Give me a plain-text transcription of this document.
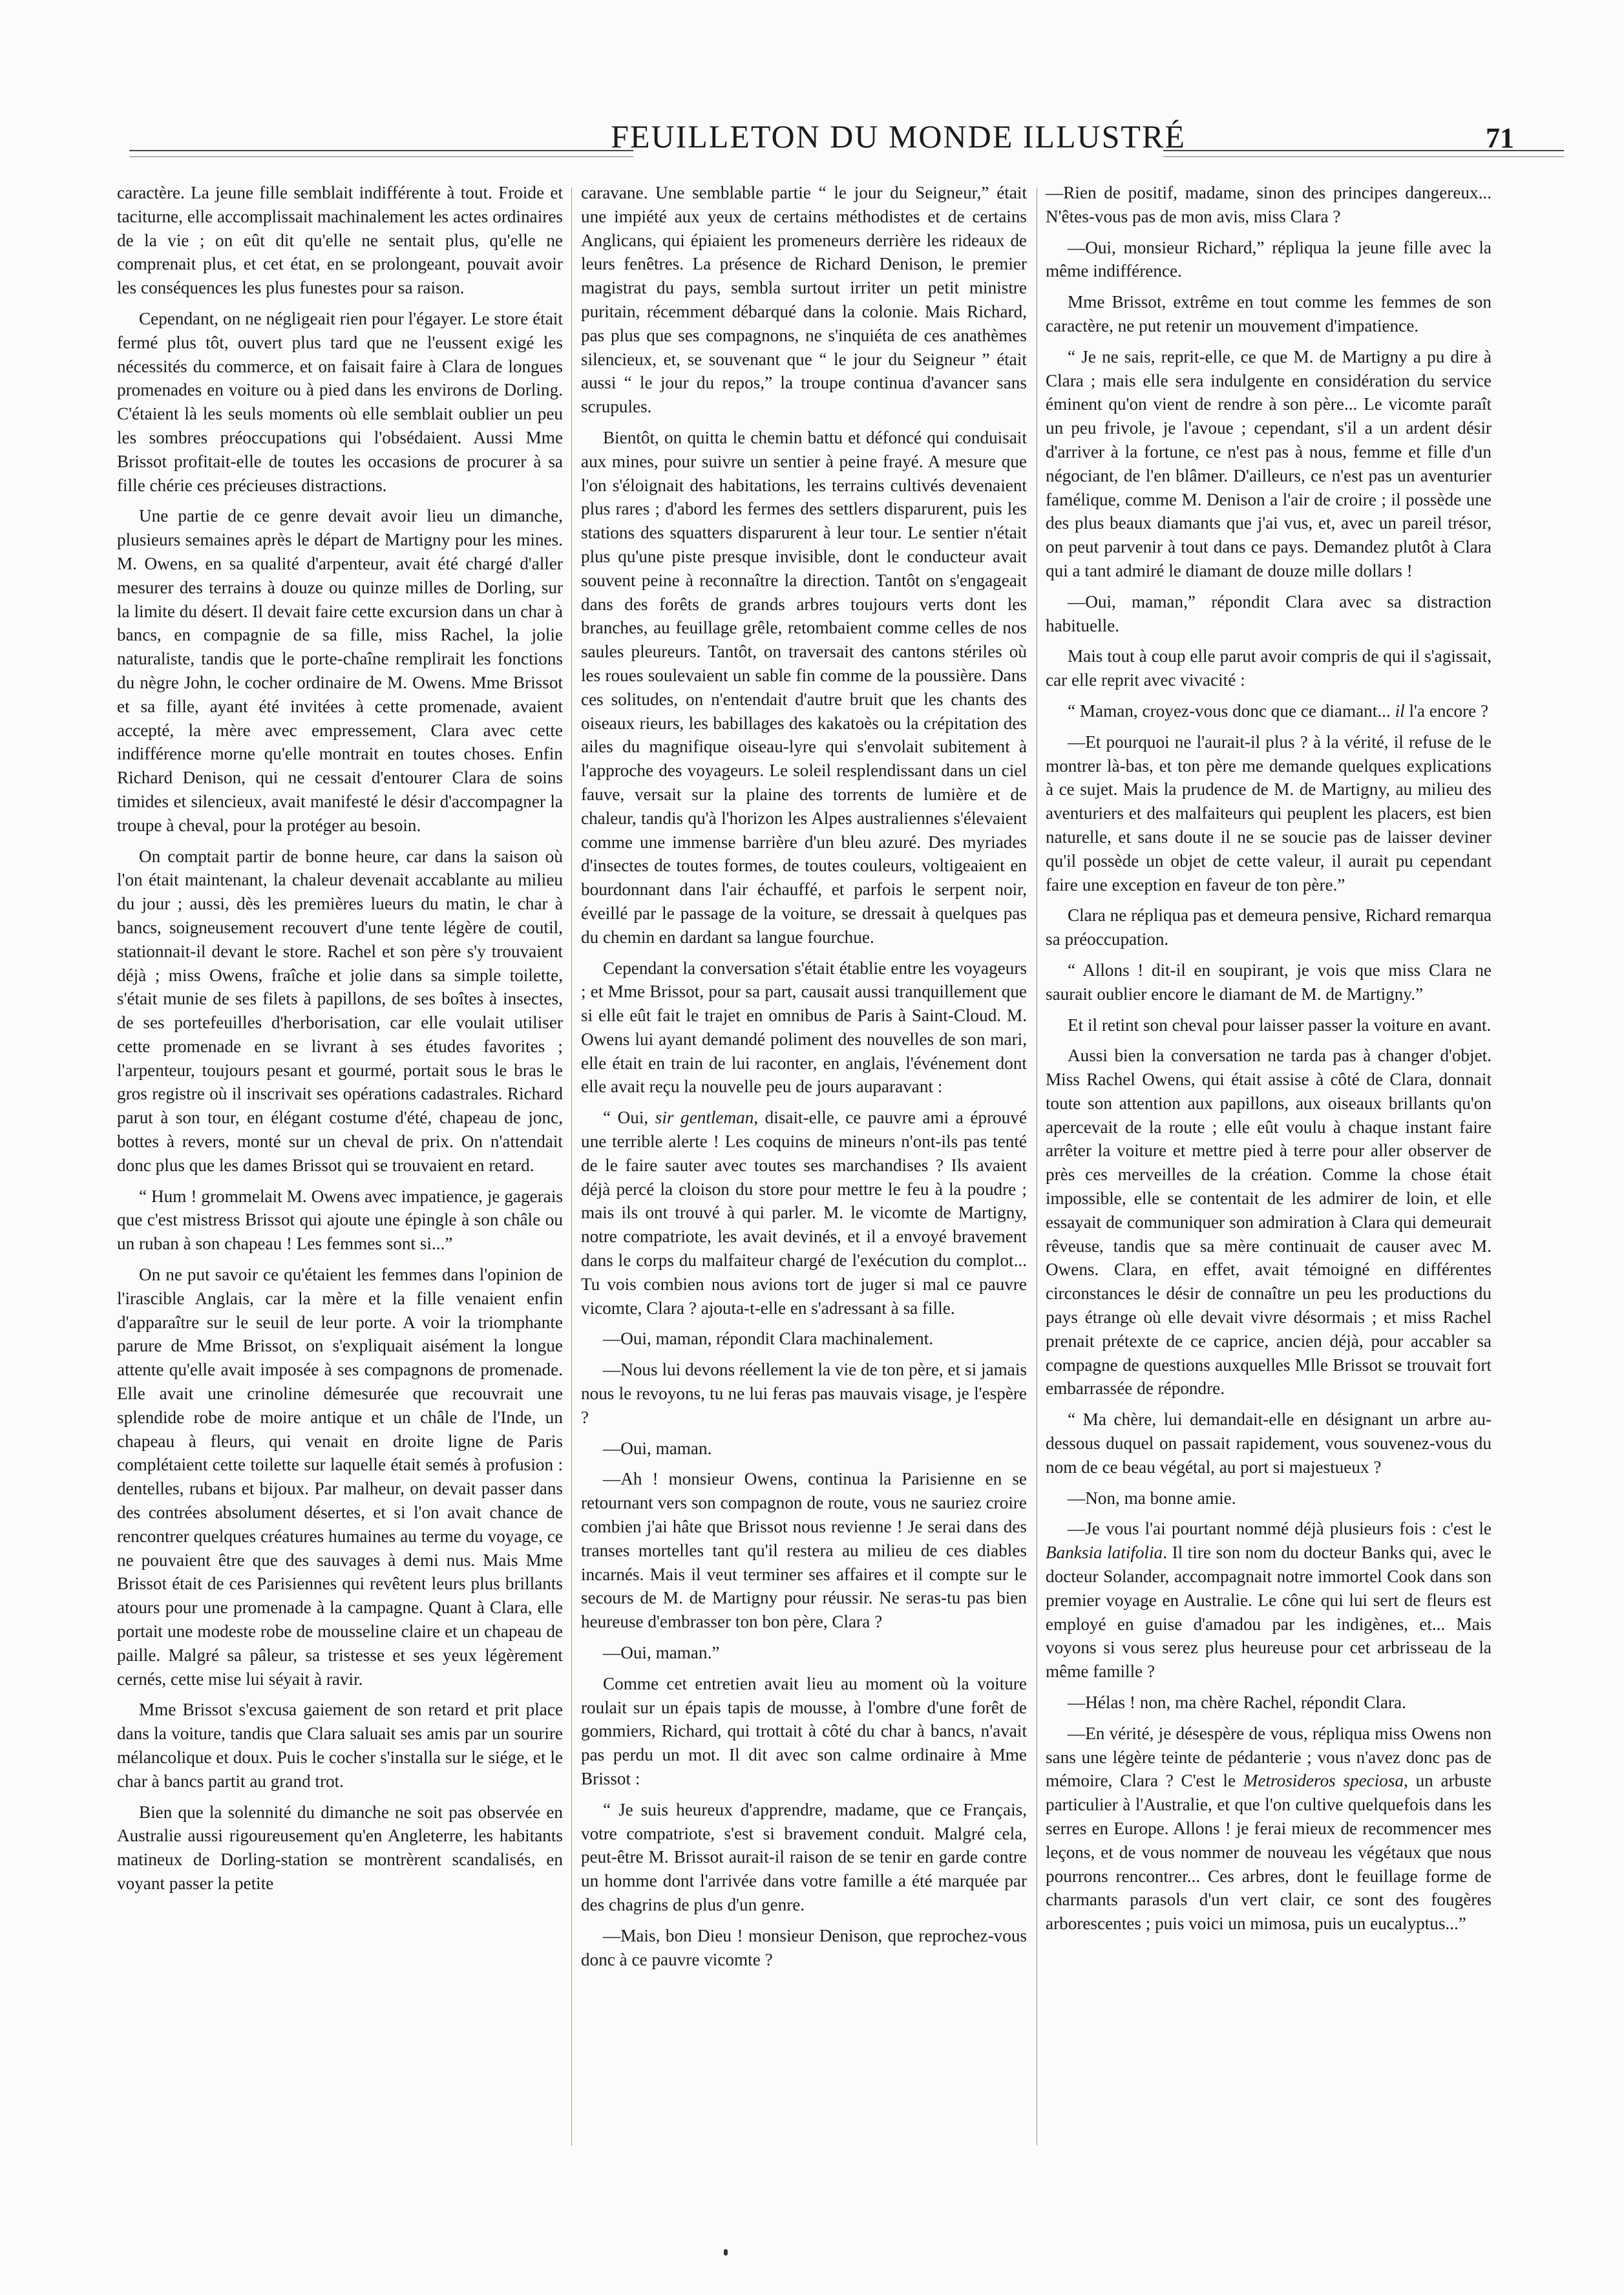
FEUILLETON DU MONDE ILLUSTRÉ	71

caractère. La jeune fille semblait indifférente à tout. Froide et taciturne, elle accomplissait machinalement les actes ordinaires de la vie ; on eût dit qu'elle ne sentait plus, qu'elle ne comprenait plus, et cet état, en se prolongeant, pouvait avoir les conséquences les plus funestes pour sa raison.

Cependant, on ne négligeait rien pour l'égayer. Le store était fermé plus tôt, ouvert plus tard que ne l'eussent exigé les nécessités du commerce, et on faisait faire à Clara de longues promenades en voiture ou à pied dans les environs de Dorling. C'étaient là les seuls moments où elle semblait oublier un peu les sombres préoccupations qui l'obsédaient. Aussi Mme Brissot profitait-elle de toutes les occasions de procurer à sa fille chérie ces précieuses distractions.

Une partie de ce genre devait avoir lieu un dimanche, plusieurs semaines après le départ de Martigny pour les mines. M. Owens, en sa qualité d'arpenteur, avait été chargé d'aller mesurer des terrains à douze ou quinze milles de Dorling, sur la limite du désert. Il devait faire cette excursion dans un char à bancs, en compagnie de sa fille, miss Rachel, la jolie naturaliste, tandis que le porte-chaîne remplirait les fonctions du nègre John, le cocher ordinaire de M. Owens. Mme Brissot et sa fille, ayant été invitées à cette promenade, avaient accepté, la mère avec empressement, Clara avec cette indifférence morne qu'elle montrait en toutes choses. Enfin Richard Denison, qui ne cessait d'entourer Clara de soins timides et silencieux, avait manifesté le désir d'accompagner la troupe à cheval, pour la protéger au besoin.

On comptait partir de bonne heure, car dans la saison où l'on était maintenant, la chaleur devenait accablante au milieu du jour ; aussi, dès les premières lueurs du matin, le char à bancs, soigneusement recouvert d'une tente légère de coutil, stationnait-il devant le store. Rachel et son père s'y trouvaient déjà ; miss Owens, fraîche et jolie dans sa simple toilette, s'était munie de ses filets à papillons, de ses boîtes à insectes, de ses portefeuilles d'herborisation, car elle voulait utiliser cette promenade en se livrant à ses études favorites ; l'arpenteur, toujours pesant et gourmé, portait sous le bras le gros registre où il inscrivait ses opérations cadastrales. Richard parut à son tour, en élégant costume d'été, chapeau de jonc, bottes à revers, monté sur un cheval de prix. On n'attendait donc plus que les dames Brissot qui se trouvaient en retard.

“ Hum ! grommelait M. Owens avec impatience, je gagerais que c'est mistress Brissot qui ajoute une épingle à son châle ou un ruban à son chapeau ! Les femmes sont si...”

On ne put savoir ce qu'étaient les femmes dans l'opinion de l'irascible Anglais, car la mère et la fille venaient enfin d'apparaître sur le seuil de leur porte. A voir la triomphante parure de Mme Brissot, on s'expliquait aisément la longue attente qu'elle avait imposée à ses compagnons de promenade. Elle avait une crinoline démesurée que recouvrait une splendide robe de moire antique et un châle de l'Inde, un chapeau à fleurs, qui venait en droite ligne de Paris complétaient cette toilette sur laquelle était semés à profusion : dentelles, rubans et bijoux. Par malheur, on devait passer dans des contrées absolument désertes, et si l'on avait chance de rencontrer quelques créatures humaines au terme du voyage, ce ne pouvaient être que des sauvages à demi nus. Mais Mme Brissot était de ces Parisiennes qui revêtent leurs plus brillants atours pour une promenade à la campagne. Quant à Clara, elle portait une modeste robe de mousseline claire et un chapeau de paille. Malgré sa pâleur, sa tristesse et ses yeux légèrement cernés, cette mise lui séyait à ravir.

Mme Brissot s'excusa gaiement de son retard et prit place dans la voiture, tandis que Clara saluait ses amis par un sourire mélancolique et doux. Puis le cocher s'installa sur le siége, et le char à bancs partit au grand trot.

Bien que la solennité du dimanche ne soit pas observée en Australie aussi rigoureusement qu'en Angleterre, les habitants matineux de Dorling-station se montrèrent scandalisés, en voyant passer la petite

caravane. Une semblable partie “ le jour du Seigneur,” était une impiété aux yeux de certains méthodistes et de certains Anglicans, qui épiaient les promeneurs derrière les rideaux de leurs fenêtres. La présence de Richard Denison, le premier magistrat du pays, sembla surtout irriter un petit ministre puritain, récemment débarqué dans la colonie. Mais Richard, pas plus que ses compagnons, ne s'inquiéta de ces anathèmes silencieux, et, se souvenant que “ le jour du Seigneur ” était aussi “ le jour du repos,” la troupe continua d'avancer sans scrupules.

Bientôt, on quitta le chemin battu et défoncé qui conduisait aux mines, pour suivre un sentier à peine frayé. A mesure que l'on s'éloignait des habitations, les terrains cultivés devenaient plus rares ; d'abord les fermes des settlers disparurent, puis les stations des squatters disparurent à leur tour. Le sentier n'était plus qu'une piste presque invisible, dont le conducteur avait souvent peine à reconnaître la direction. Tantôt on s'engageait dans des forêts de grands arbres toujours verts dont les branches, au feuillage grêle, retombaient comme celles de nos saules pleureurs. Tantôt, on traversait des cantons stériles où les roues soulevaient un sable fin comme de la poussière. Dans ces solitudes, on n'entendait d'autre bruit que les chants des oiseaux rieurs, les babillages des kakatoès ou la crépitation des ailes du magnifique oiseau-lyre qui s'envolait subitement à l'approche des voyageurs. Le soleil resplendissant dans un ciel fauve, versait sur la plaine des torrents de lumière et de chaleur, tandis qu'à l'horizon les Alpes australiennes s'élevaient comme une immense barrière d'un bleu azuré. Des myriades d'insectes de toutes formes, de toutes couleurs, voltigeaient en bourdonnant dans l'air échauffé, et parfois le serpent noir, éveillé par le passage de la voiture, se dressait à quelques pas du chemin en dardant sa langue fourchue.

Cependant la conversation s'était établie entre les voyageurs ; et Mme Brissot, pour sa part, causait aussi tranquillement que si elle eût fait le trajet en omnibus de Paris à Saint-Cloud. M. Owens lui ayant demandé poliment des nouvelles de son mari, elle était en train de lui raconter, en anglais, l'événement dont elle avait reçu la nouvelle peu de jours auparavant :

“ Oui, sir gentleman, disait-elle, ce pauvre ami a éprouvé une terrible alerte ! Les coquins de mineurs n'ont-ils pas tenté de le faire sauter avec toutes ses marchandises ? Ils avaient déjà percé la cloison du store pour mettre le feu à la poudre ; mais ils ont trouvé à qui parler. M. le vicomte de Martigny, notre compatriote, les avait devinés, et il a envoyé bravement dans le corps du malfaiteur chargé de l'exécution du complot... Tu vois combien nous avions tort de juger si mal ce pauvre vicomte, Clara ? ajouta-t-elle en s'adressant à sa fille.

—Oui, maman, répondit Clara machinalement.

—Nous lui devons réellement la vie de ton père, et si jamais nous le revoyons, tu ne lui feras pas mauvais visage, je l'espère ?

—Oui, maman.

—Ah ! monsieur Owens, continua la Parisienne en se retournant vers son compagnon de route, vous ne sauriez croire combien j'ai hâte que Brissot nous revienne ! Je serai dans des transes mortelles tant qu'il restera au milieu de ces diables incarnés. Mais il veut terminer ses affaires et il compte sur le secours de M. de Martigny pour réussir. Ne seras-tu pas bien heureuse d'embrasser ton bon père, Clara ?

—Oui, maman.”

Comme cet entretien avait lieu au moment où la voiture roulait sur un épais tapis de mousse, à l'ombre d'une forêt de gommiers, Richard, qui trottait à côté du char à bancs, n'avait pas perdu un mot. Il dit avec son calme ordinaire à Mme Brissot :

“ Je suis heureux d'apprendre, madame, que ce Français, votre compatriote, s'est si bravement conduit. Malgré cela, peut-être M. Brissot aurait-il raison de se tenir en garde contre un homme dont l'arrivée dans votre famille a été marquée par des chagrins de plus d'un genre.

—Mais, bon Dieu ! monsieur Denison, que reprochez-vous donc à ce pauvre vicomte ?

—Rien de positif, madame, sinon des principes dangereux... N'êtes-vous pas de mon avis, miss Clara ?

—Oui, monsieur Richard,” répliqua la jeune fille avec la même indifférence.

Mme Brissot, extrême en tout comme les femmes de son caractère, ne put retenir un mouvement d'impatience.

“ Je ne sais, reprit-elle, ce que M. de Martigny a pu dire à Clara ; mais elle sera indulgente en considération du service éminent qu'on vient de rendre à son père... Le vicomte paraît un peu frivole, je l'avoue ; cependant, s'il a un ardent désir d'arriver à la fortune, ce n'est pas à nous, femme et fille d'un négociant, de l'en blâmer. D'ailleurs, ce n'est pas un aventurier famélique, comme M. Denison a l'air de croire ; il possède une des plus beaux diamants que j'ai vus, et, avec un pareil trésor, on peut parvenir à tout dans ce pays. Demandez plutôt à Clara qui a tant admiré le diamant de douze mille dollars !

—Oui, maman,” répondit Clara avec sa distraction habituelle.

Mais tout à coup elle parut avoir compris de qui il s'agissait, car elle reprit avec vivacité :

“ Maman, croyez-vous donc que ce diamant... il l'a encore ?

—Et pourquoi ne l'aurait-il plus ? à la vérité, il refuse de le montrer là-bas, et ton père me demande quelques explications à ce sujet. Mais la prudence de M. de Martigny, au milieu des aventuriers et des malfaiteurs qui peuplent les placers, est bien naturelle, et sans doute il ne se soucie pas de laisser deviner qu'il possède un objet de cette valeur, il aurait pu cependant faire une exception en faveur de ton père.”

Clara ne répliqua pas et demeura pensive, Richard remarqua sa préoccupation.

“ Allons ! dit-il en soupirant, je vois que miss Clara ne saurait oublier encore le diamant de M. de Martigny.”

Et il retint son cheval pour laisser passer la voiture en avant.

Aussi bien la conversation ne tarda pas à changer d'objet. Miss Rachel Owens, qui était assise à côté de Clara, donnait toute son attention aux papillons, aux oiseaux brillants qu'on apercevait de la route ; elle eût voulu à chaque instant faire arrêter la voiture et mettre pied à terre pour aller observer de près ces merveilles de la création. Comme la chose était impossible, elle se contentait de les admirer de loin, et elle essayait de communiquer son admiration à Clara qui demeurait rêveuse, tandis que sa mère continuait de causer avec M. Owens. Clara, en effet, avait témoigné en différentes circonstances le désir de connaître un peu les productions du pays étrange où elle devait vivre désormais ; et miss Rachel prenait prétexte de ce caprice, ancien déjà, pour accabler sa compagne de questions auxquelles Mlle Brissot se trouvait fort embarrassée de répondre.

“ Ma chère, lui demandait-elle en désignant un arbre au-dessous duquel on passait rapidement, vous souvenez-vous du nom de ce beau végétal, au port si majestueux ?

—Non, ma bonne amie.

—Je vous l'ai pourtant nommé déjà plusieurs fois : c'est le Banksia latifolia. Il tire son nom du docteur Banks qui, avec le docteur Solander, accompagnait notre immortel Cook dans son premier voyage en Australie. Le cône qui lui sert de fleurs est employé en guise d'amadou par les indigènes, et... Mais voyons si vous serez plus heureuse pour cet arbrisseau de la même famille ?

—Hélas ! non, ma chère Rachel, répondit Clara.

—En vérité, je désespère de vous, répliqua miss Owens non sans une légère teinte de pédanterie ; vous n'avez donc pas de mémoire, Clara ? C'est le Metrosideros speciosa, un arbuste particulier à l'Australie, et que l'on cultive quelquefois dans les serres en Europe. Allons ! je ferai mieux de recommencer mes leçons, et de vous nommer de nouveau les végétaux que nous pourrons rencontrer... Ces arbres, dont le feuillage forme de charmants parasols d'un vert clair, ce sont des fougères arborescentes ; puis voici un mimosa, puis un eucalyptus...”
